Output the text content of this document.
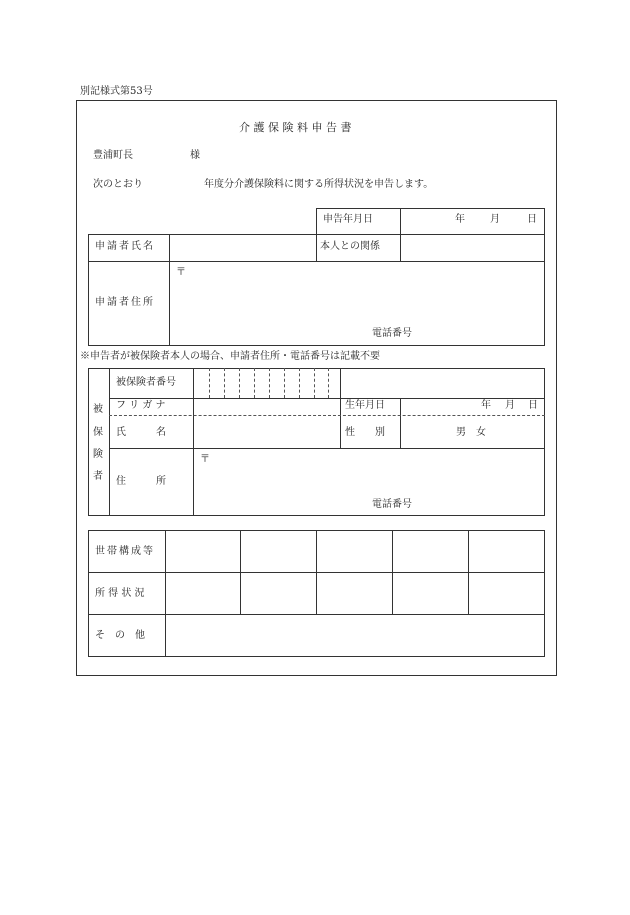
別記様式第53号
介 護 保 険 料 申 告 書
豊浦町長	様
次のとおり	年度分介護保険料に関する所得状況を申告します。
申告年月日	年	月	日
申請者氏名	本人との関係
申請者住所
〒
電話番号
※申告者が被保険者本人の場合、申請者住所・電話番号は記載不要
被
保
険
者
被保険者番号
フ リ ガ ナ	生年月日	年 月 日
氏　　　名	性　　別	男　女
住　　　所
〒
電話番号
世帯構成等
所 得 状 況
そ　の　他
